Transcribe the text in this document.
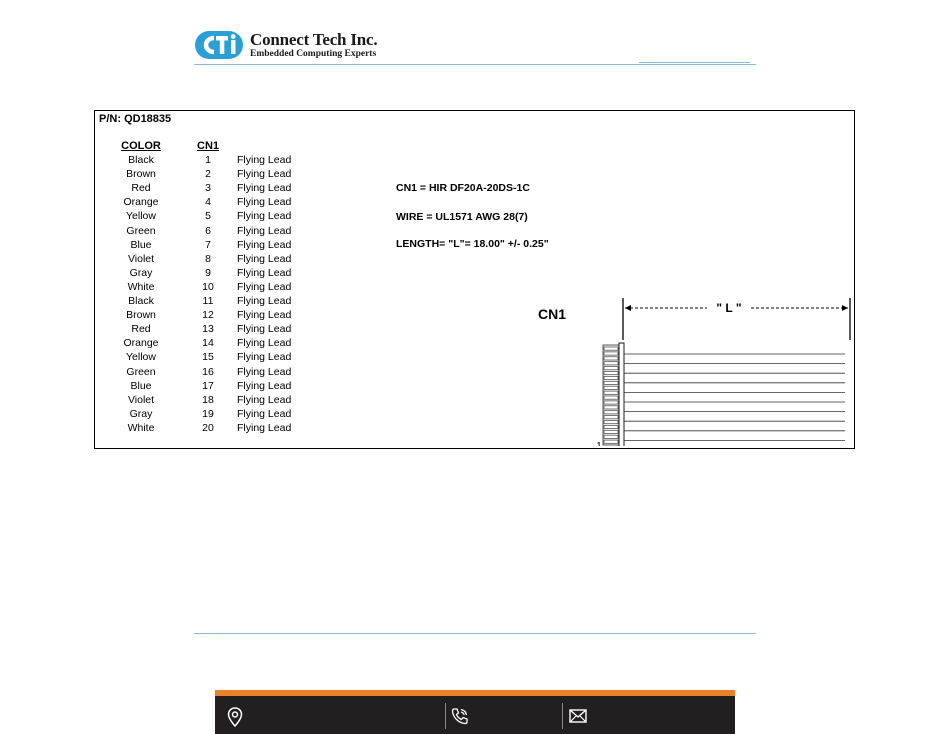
Connect Tech Inc.
Embedded Computing Experts
P/N: QD18835
COLOR	CN1
Black	1	Flying Lead
Brown	2	Flying Lead
Red	3	Flying Lead
Orange	4	Flying Lead
Yellow	5	Flying Lead
Green	6	Flying Lead
Blue	7	Flying Lead
Violet	8	Flying Lead
Gray	9	Flying Lead
White	10	Flying Lead
Black	11	Flying Lead
Brown	12	Flying Lead
Red	13	Flying Lead
Orange	14	Flying Lead
Yellow	15	Flying Lead
Green	16	Flying Lead
Blue	17	Flying Lead
Violet	18	Flying Lead
Gray	19	Flying Lead
White	20	Flying Lead
CN1 = HIR DF20A-20DS-1C
WIRE = UL1571 AWG 28(7)
LENGTH= "L"= 18.00" +/- 0.25"
CN1	" L "
1
